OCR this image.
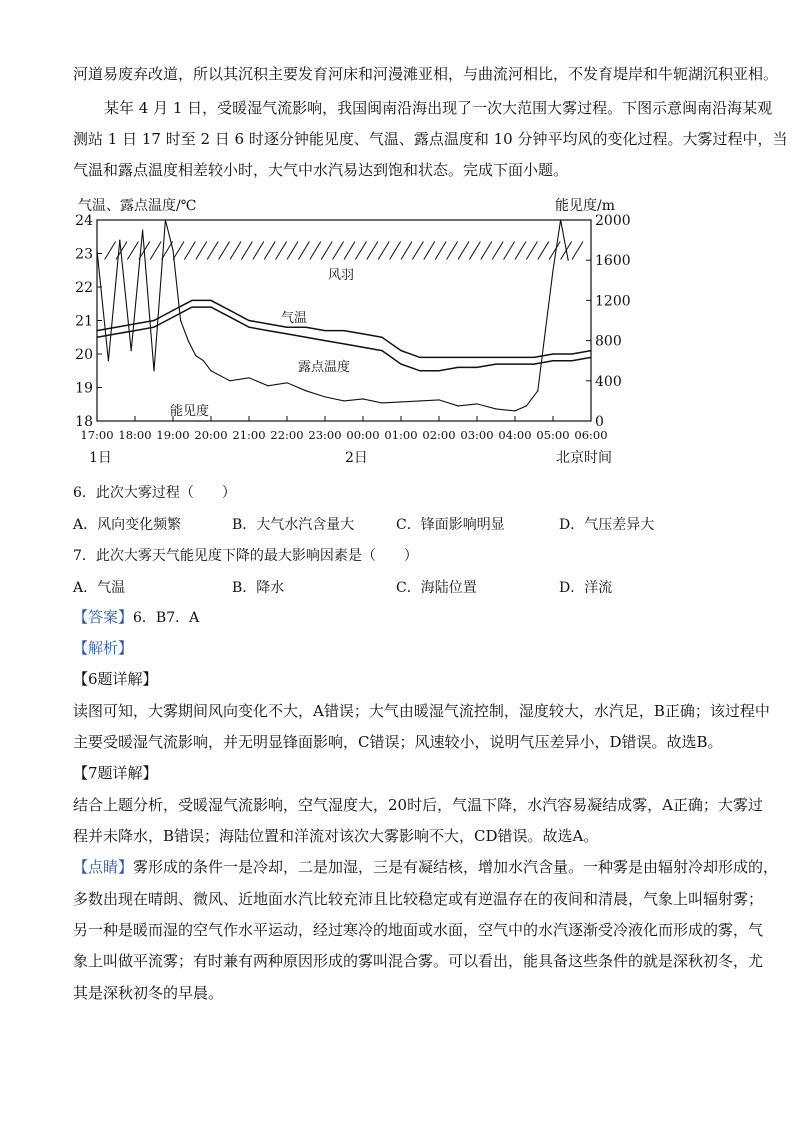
河道易废弃改道，所以其沉积主要发育河床和河漫滩亚相，与曲流河相比，不发育堤岸和牛轭湖沉积亚相。
某年 4 月 1 日，受暖湿气流影响，我国闽南沿海出现了一次大范围大雾过程。下图示意闽南沿海某观
测站 1 日 17 时至 2 日 6 时逐分钟能见度、气温、露点温度和 10 分钟平均风的变化过程。大雾过程中，当
气温和露点温度相差较小时，大气中水汽易达到饱和状态。完成下面小题。
气温、露点温度/℃	能见度/m
18
19
20
21
22
23
24
0
400
800
1200
1600
2000
17:00 18:00 19:00 20:00 21:00 22:00 23:00 00:00 01:00 02:00 03:00 04:00 05:00 06:00
风羽
气温
露点温度
能见度
1日	2日	北京时间
6．此次大雾过程（　　）
A．风向变化频繁	B．大气水汽含量大	C．锋面影响明显	D．气压差异大
7．此次大雾天气能见度下降的最大影响因素是（　　）
A．气温	B．降水	C．海陆位置	D．洋流
【答案】6．B7．A
【解析】
【6题详解】
读图可知，大雾期间风向变化不大，A错误；大气由暖湿气流控制，湿度较大，水汽足，B正确；该过程中
主要受暖湿气流影响，并无明显锋面影响，C错误；风速较小，说明气压差异小，D错误。故选B。
【7题详解】
结合上题分析，受暖湿气流影响，空气湿度大，20时后，气温下降，水汽容易凝结成雾，A正确；大雾过
程并未降水，B错误；海陆位置和洋流对该次大雾影响不大，CD错误。故选A。
【点睛】雾形成的条件一是冷却，二是加湿，三是有凝结核，增加水汽含量。一种雾是由辐射冷却形成的，
多数出现在晴朗、微风、近地面水汽比较充沛且比较稳定或有逆温存在的夜间和清晨，气象上叫辐射雾；
另一种是暖而湿的空气作水平运动，经过寒冷的地面或水面，空气中的水汽逐渐受冷液化而形成的雾，气
象上叫做平流雾；有时兼有两种原因形成的雾叫混合雾。可以看出，能具备这些条件的就是深秋初冬，尤
其是深秋初冬的早晨。
